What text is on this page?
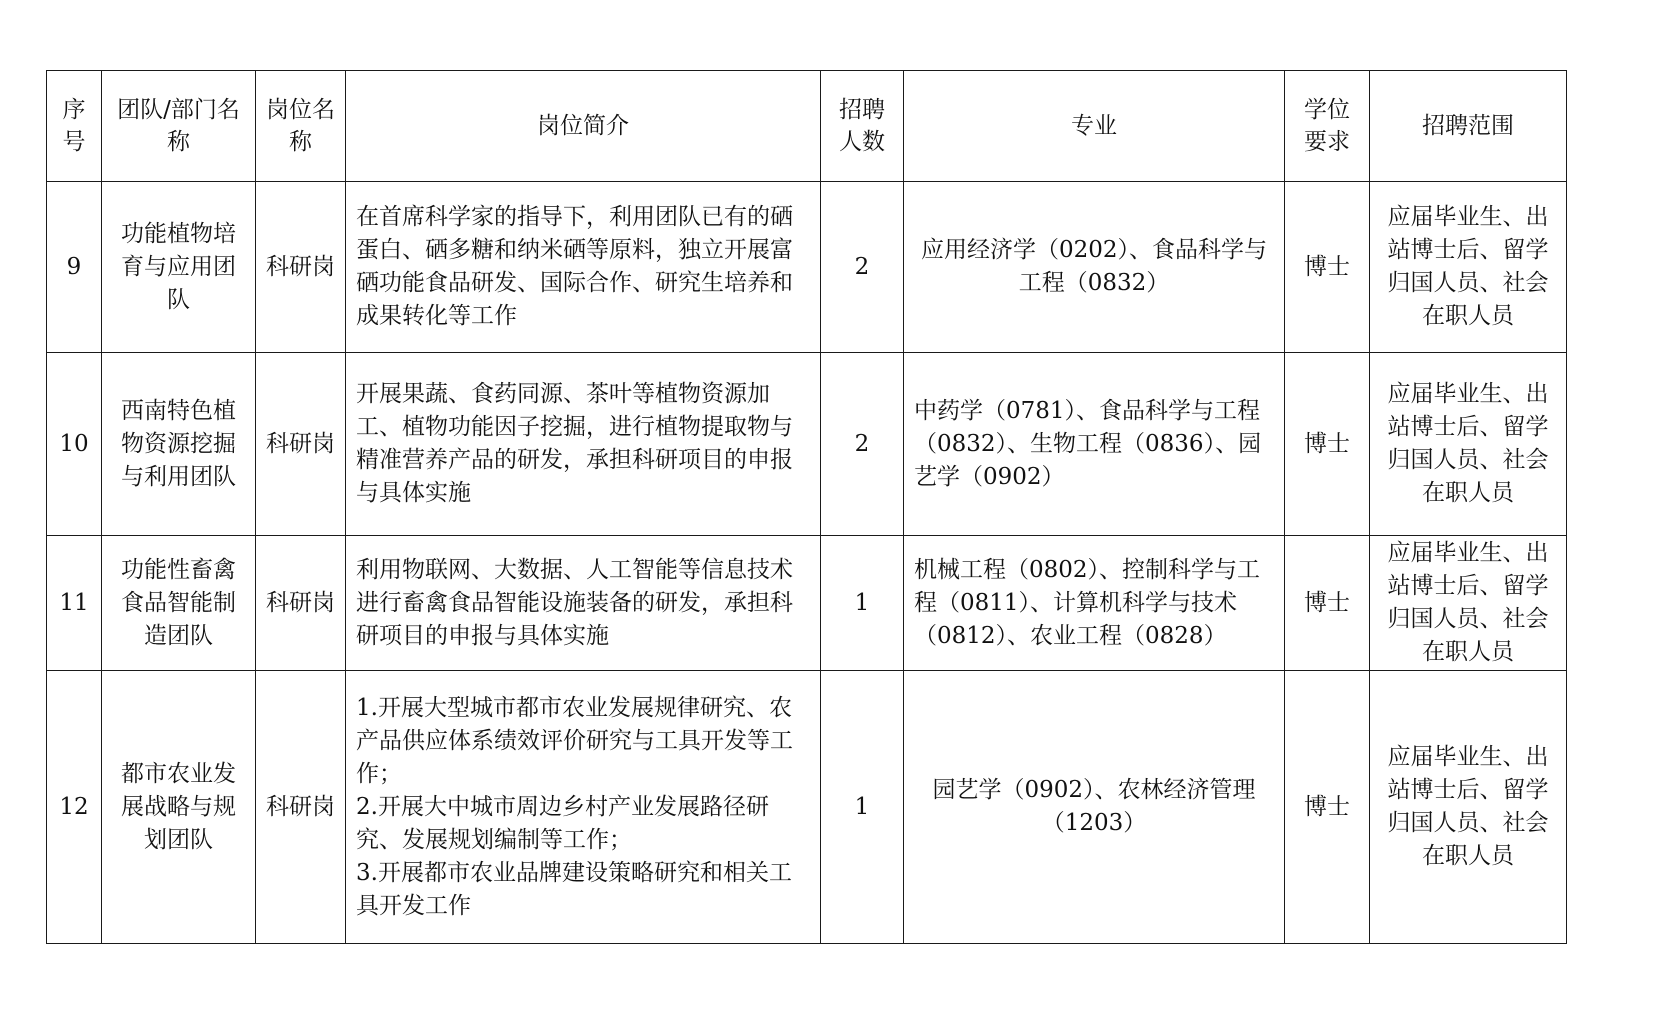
序号	团队/部门名称	岗位名称	岗位简介	招聘人数	专业	学位要求	招聘范围
9	功能植物培育与应用团队	科研岗	在首席科学家的指导下，利用团队已有的硒蛋白、硒多糖和纳米硒等原料，独立开展富硒功能食品研发、国际合作、研究生培养和成果转化等工作	2	应用经济学（0202）、食品科学与工程（0832）	博士	应届毕业生、出站博士后、留学归国人员、社会在职人员
10	西南特色植物资源挖掘与利用团队	科研岗	开展果蔬、食药同源、茶叶等植物资源加工、植物功能因子挖掘，进行植物提取物与精准营养产品的研发，承担科研项目的申报与具体实施	2	中药学（0781）、食品科学与工程（0832）、生物工程（0836）、园艺学（0902）	博士	应届毕业生、出站博士后、留学归国人员、社会在职人员
11	功能性畜禽食品智能制造团队	科研岗	利用物联网、大数据、人工智能等信息技术进行畜禽食品智能设施装备的研发，承担科研项目的申报与具体实施	1	机械工程（0802）、控制科学与工程（0811）、计算机科学与技术（0812）、农业工程（0828）	博士	应届毕业生、出站博士后、留学归国人员、社会在职人员
12	都市农业发展战略与规划团队	科研岗	1.开展大型城市都市农业发展规律研究、农产品供应体系绩效评价研究与工具开发等工作；
2.开展大中城市周边乡村产业发展路径研究、发展规划编制等工作；
3.开展都市农业品牌建设策略研究和相关工具开发工作	1	园艺学（0902）、农林经济管理（1203）	博士	应届毕业生、出站博士后、留学归国人员、社会在职人员
